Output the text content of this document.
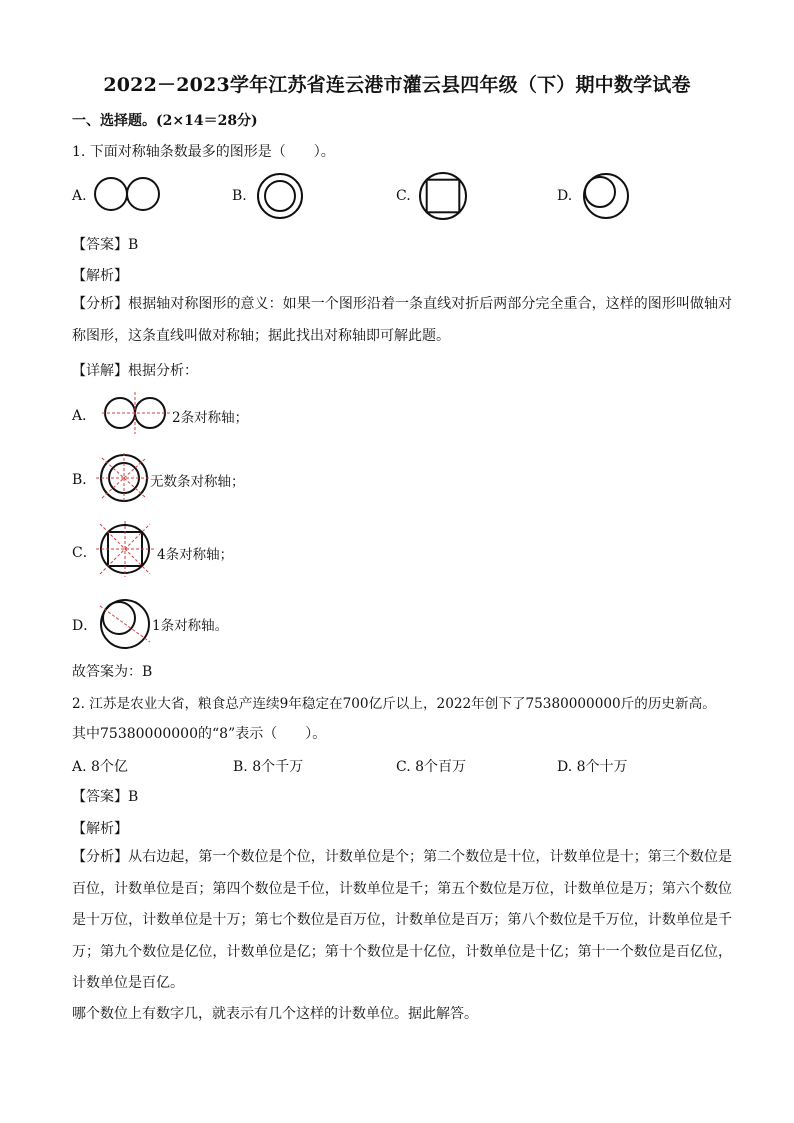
2022－2023学年江苏省连云港市灌云县四年级（下）期中数学试卷
一、选择题。(2×14＝28分)
1. 下面对称轴条数最多的图形是（　　）。
A.	B.	C.	D.
【答案】B
【解析】
【分析】根据轴对称图形的意义：如果一个图形沿着一条直线对折后两部分完全重合，这样的图形叫做轴对称图形，这条直线叫做对称轴；据此找出对称轴即可解此题。
【详解】根据分析：
A．	2条对称轴；
B．	无数条对称轴；
C．	4条对称轴；
D．	1条对称轴。
故答案为：B
2. 江苏是农业大省，粮食总产连续9年稳定在700亿斤以上，2022年创下了75380000000斤的历史新高。
其中75380000000的“8”表示（　　）。
A. 8个亿	B. 8个千万	C. 8个百万	D. 8个十万
【答案】B
【解析】
【分析】从右边起，第一个数位是个位，计数单位是个；第二个数位是十位，计数单位是十；第三个数位是百位，计数单位是百；第四个数位是千位，计数单位是千；第五个数位是万位，计数单位是万；第六个数位是十万位，计数单位是十万；第七个数位是百万位，计数单位是百万；第八个数位是千万位，计数单位是千万；第九个数位是亿位，计数单位是亿；第十个数位是十亿位，计数单位是十亿；第十一个数位是百亿位，计数单位是百亿。
哪个数位上有数字几，就表示有几个这样的计数单位。据此解答。
